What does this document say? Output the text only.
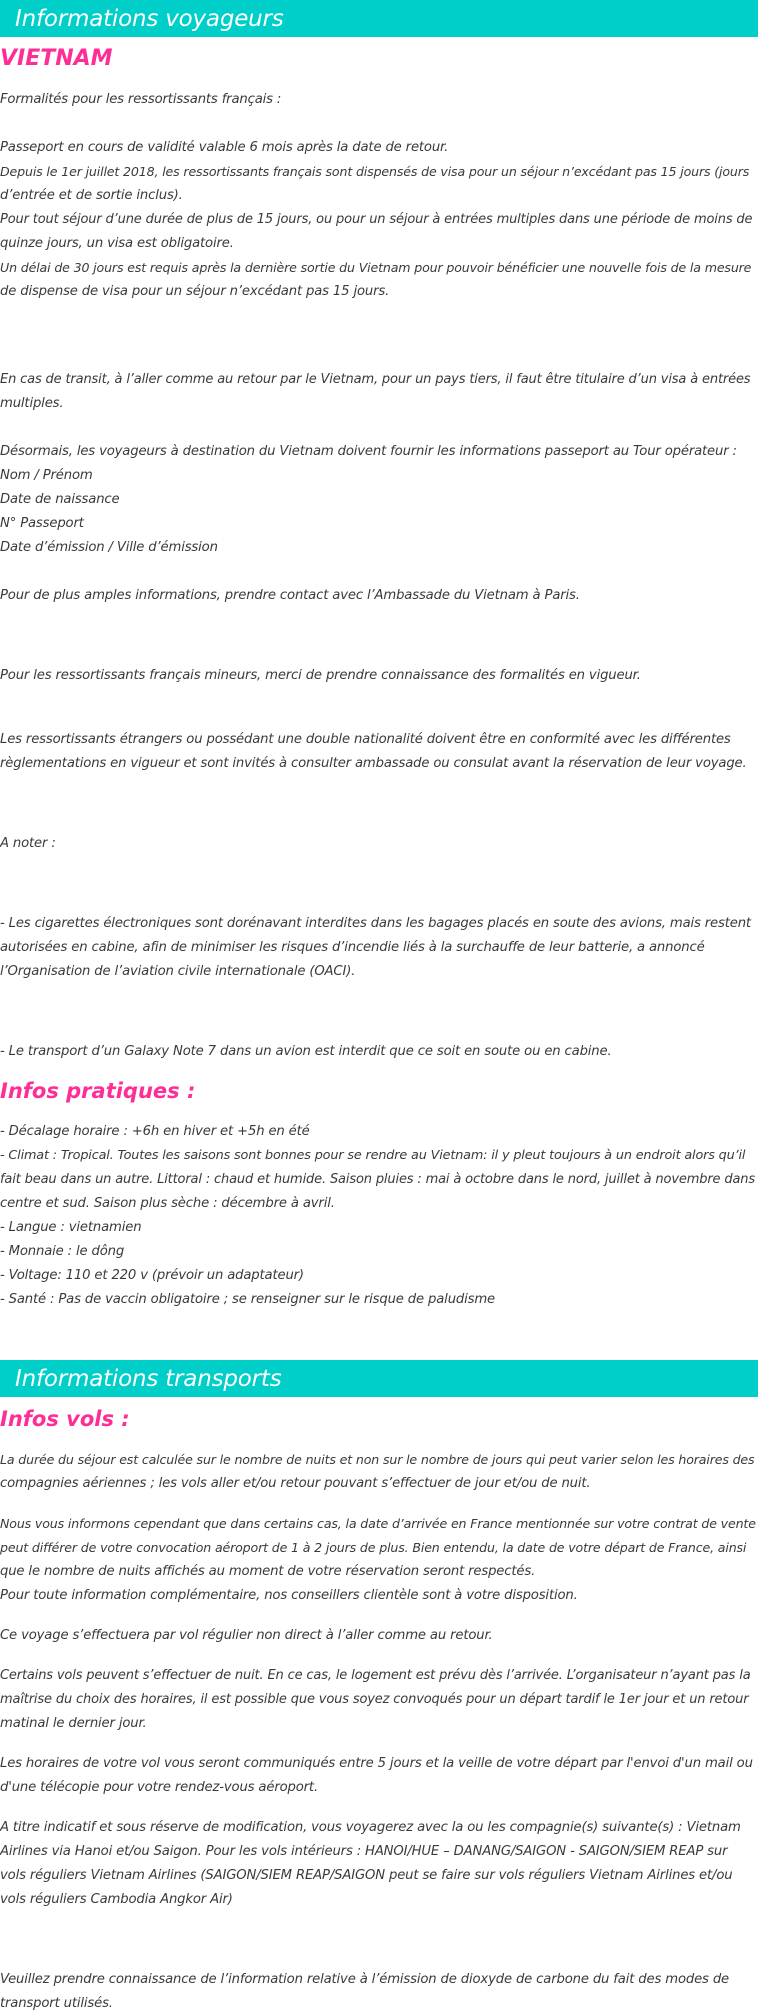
Informations voyageurs
VIETNAM

Formalités pour les ressortissants français :

Passeport en cours de validité valable 6 mois après la date de retour.

Depuis le 1er juillet 2018, les ressortissants français sont dispensés de visa pour un séjour n’excédant pas 15 jours (jours

d’entrée et de sortie inclus).

Pour tout séjour d’une durée de plus de 15 jours, ou pour un séjour à entrées multiples dans une période de moins de

quinze jours, un visa est obligatoire.

Un délai de 30 jours est requis après la dernière sortie du Vietnam pour pouvoir bénéficier une nouvelle fois de la mesure

de dispense de visa pour un séjour n’excédant pas 15 jours.

En cas de transit, à l’aller comme au retour par le Vietnam, pour un pays tiers, il faut être titulaire d’un visa à entrées

multiples.

Désormais, les voyageurs à destination du Vietnam doivent fournir les informations passeport au Tour opérateur :

Nom / Prénom

Date de naissance

N° Passeport

Date d’émission / Ville d’émission

Pour de plus amples informations, prendre contact avec l’Ambassade du Vietnam à Paris.

Pour les ressortissants français mineurs, merci de prendre connaissance des formalités en vigueur.

Les ressortissants étrangers ou possédant une double nationalité doivent être en conformité avec les différentes

règlementations en vigueur et sont invités à consulter ambassade ou consulat avant la réservation de leur voyage.

A noter :

- Les cigarettes électroniques sont dorénavant interdites dans les bagages placés en soute des avions, mais restent

autorisées en cabine, afin de minimiser les risques d’incendie liés à la surchauffe de leur batterie, a annoncé

l’Organisation de l’aviation civile internationale (OACI).

- Le transport d’un Galaxy Note 7 dans un avion est interdit que ce soit en soute ou en cabine.

Infos pratiques :

- Décalage horaire : +6h en hiver et +5h en été

- Climat : Tropical. Toutes les saisons sont bonnes pour se rendre au Vietnam: il y pleut toujours à un endroit alors qu’il

fait beau dans un autre. Littoral : chaud et humide. Saison pluies : mai à octobre dans le nord, juillet à novembre dans

centre et sud. Saison plus sèche : décembre à avril.

- Langue : vietnamien

- Monnaie : le dông

- Voltage: 110 et 220 v (prévoir un adaptateur)

- Santé : Pas de vaccin obligatoire ; se renseigner sur le risque de paludisme

Informations transports
Infos vols :

La durée du séjour est calculée sur le nombre de nuits et non sur le nombre de jours qui peut varier selon les horaires des

compagnies aériennes ; les vols aller et/ou retour pouvant s’effectuer de jour et/ou de nuit.

Nous vous informons cependant que dans certains cas, la date d’arrivée en France mentionnée sur votre contrat de vente

peut différer de votre convocation aéroport de 1 à 2 jours de plus. Bien entendu, la date de votre départ de France, ainsi

que le nombre de nuits affichés au moment de votre réservation seront respectés.

Pour toute information complémentaire, nos conseillers clientèle sont à votre disposition.

Ce voyage s’effectuera par vol régulier non direct à l’aller comme au retour.

Certains vols peuvent s’effectuer de nuit. En ce cas, le logement est prévu dès l’arrivée. L’organisateur n’ayant pas la

maîtrise du choix des horaires, il est possible que vous soyez convoqués pour un départ tardif le 1er jour et un retour

matinal le dernier jour.

Les horaires de votre vol vous seront communiqués entre 5 jours et la veille de votre départ par l'envoi d'un mail ou

d'une télécopie pour votre rendez-vous aéroport.

A titre indicatif et sous réserve de modification, vous voyagerez avec la ou les compagnie(s) suivante(s) : Vietnam

Airlines via Hanoi et/ou Saigon. Pour les vols intérieurs : HANOI/HUE – DANANG/SAIGON - SAIGON/SIEM REAP sur

vols réguliers Vietnam Airlines (SAIGON/SIEM REAP/SAIGON peut se faire sur vols réguliers Vietnam Airlines et/ou

vols réguliers Cambodia Angkor Air)

Veuillez prendre connaissance de l’information relative à l’émission de dioxyde de carbone du fait des modes de

transport utilisés.
